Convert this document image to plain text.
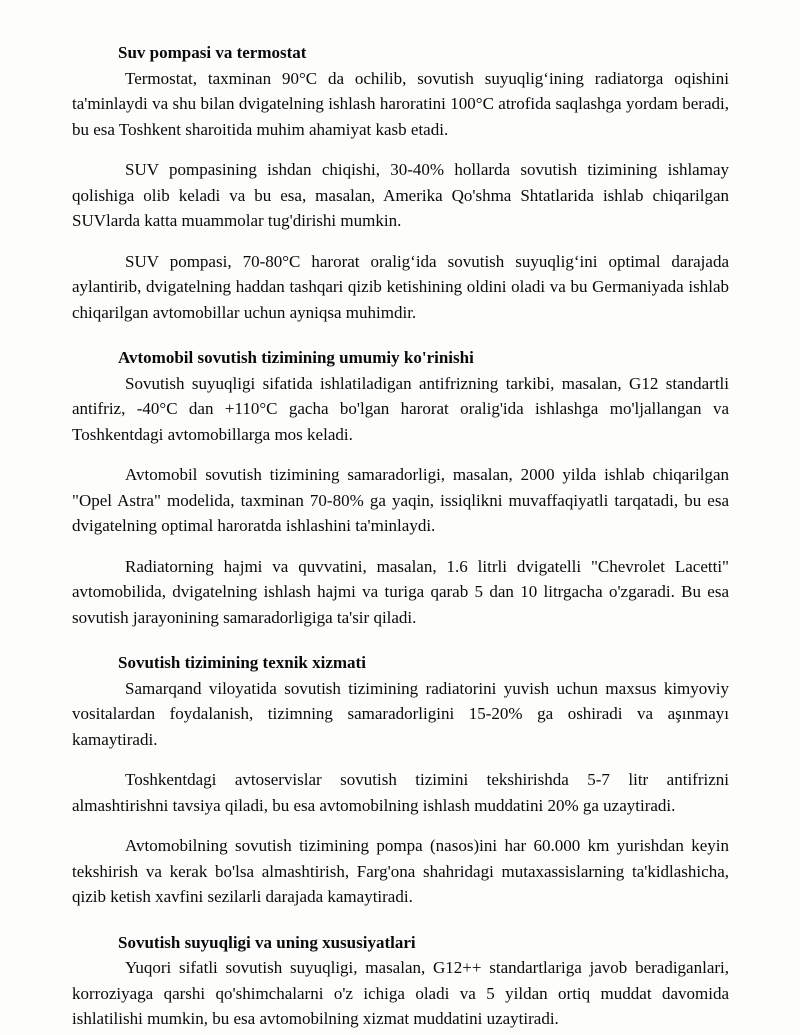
Suv pompasi va termostat

Termostat, taxminan 90°C da ochilib, sovutish suyuqligʻining radiatorga oqishini ta'minlaydi va shu bilan dvigatelning ishlash haroratini 100°C atrofida saqlashga yordam beradi, bu esa Toshkent sharoitida muhim ahamiyat kasb etadi.

SUV pompasining ishdan chiqishi, 30-40% hollarda sovutish tizimining ishlamay qolishiga olib keladi va bu esa, masalan, Amerika Qo'shma Shtatlarida ishlab chiqarilgan SUVlarda katta muammolar tug'dirishi mumkin.

SUV pompasi, 70-80°C harorat oraligʻida sovutish suyuqligʻini optimal darajada aylantirib, dvigatelning haddan tashqari qizib ketishining oldini oladi va bu Germaniyada ishlab chiqarilgan avtomobillar uchun ayniqsa muhimdir.

Avtomobil sovutish tizimining umumiy ko'rinishi

Sovutish suyuqligi sifatida ishlatiladigan antifrizning tarkibi, masalan, G12 standartli antifriz, -40°C dan +110°C gacha bo'lgan harorat oralig'ida ishlashga mo'ljallangan va Toshkentdagi avtomobillarga mos keladi.

Avtomobil sovutish tizimining samaradorligi, masalan, 2000 yilda ishlab chiqarilgan "Opel Astra" modelida, taxminan 70-80% ga yaqin, issiqlikni muvaffaqiyatli tarqatadi, bu esa dvigatelning optimal haroratda ishlashini ta'minlaydi.

Radiatorning hajmi va quvvatini, masalan, 1.6 litrli dvigatelli "Chevrolet Lacetti" avtomobilida, dvigatelning ishlash hajmi va turiga qarab 5 dan 10 litrgacha o'zgaradi. Bu esa sovutish jarayonining samaradorligiga ta'sir qiladi.

Sovutish tizimining texnik xizmati

Samarqand viloyatida sovutish tizimining radiatorini yuvish uchun maxsus kimyoviy vositalardan foydalanish, tizimning samaradorligini 15-20% ga oshiradi va aşınmayı kamaytiradi.

Toshkentdagi avtoservislar sovutish tizimini tekshirishda 5-7 litr antifrizni almashtirishni tavsiya qiladi, bu esa avtomobilning ishlash muddatini 20% ga uzaytiradi.

Avtomobilning sovutish tizimining pompa (nasos)ini har 60.000 km yurishdan keyin tekshirish va kerak bo'lsa almashtirish, Farg'ona shahridagi mutaxassislarning ta'kidlashicha, qizib ketish xavfini sezilarli darajada kamaytiradi.

Sovutish suyuqligi va uning xususiyatlari

Yuqori sifatli sovutish suyuqligi, masalan, G12++ standartlariga javob beradiganlari, korroziyaga qarshi qo'shimchalarni o'z ichiga oladi va 5 yildan ortiq muddat davomida ishlatilishi mumkin, bu esa avtomobilning xizmat muddatini uzaytiradi.
